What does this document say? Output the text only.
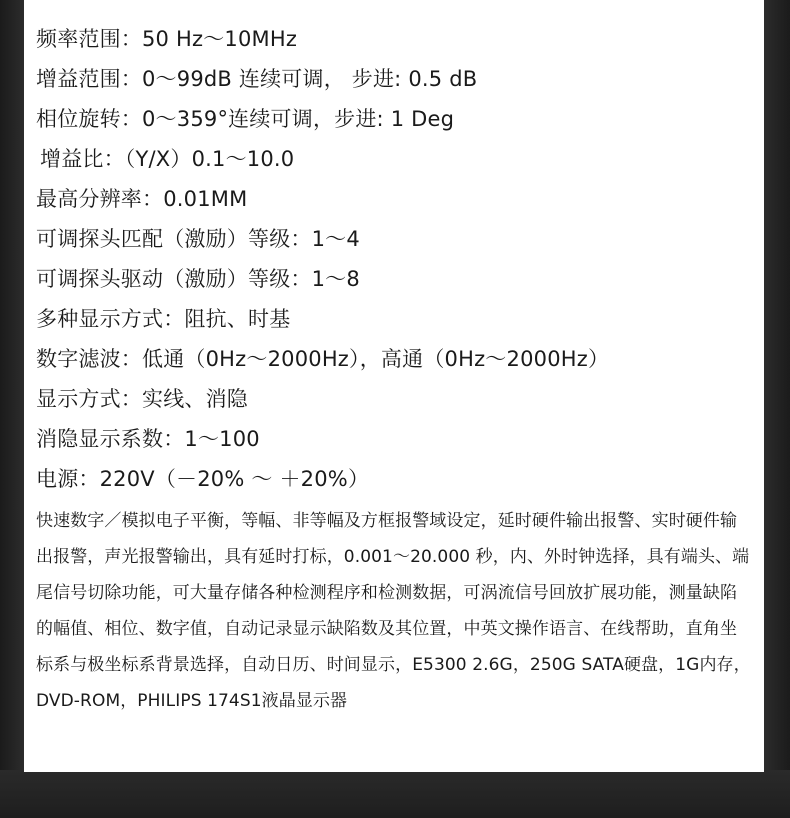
频率范围：50 Hz～10MHz
增益范围：0～99dB 连续可调， 步进: 0.5 dB
相位旋转：0～359°连续可调，步进: 1 Deg
增益比：（Y/X）0.1～10.0
最高分辨率：0.01MM
可调探头匹配（激励）等级：1～4
可调探头驱动（激励）等级：1～8
多种显示方式：阻抗、时基
数字滤波：低通（0Hz～2000Hz），高通（0Hz～2000Hz）
显示方式：实线、消隐
消隐显示系数：1～100
电源：220V（－20% ～ ＋20%）

快速数字／模拟电子平衡，等幅、非等幅及方框报警域设定，延时硬件输出报警、实时硬件输出报警，声光报警输出，具有延时打标，0.001～20.000 秒，内、外时钟选择，具有端头、端尾信号切除功能，可大量存储各种检测程序和检测数据，可涡流信号回放扩展功能，测量缺陷的幅值、相位、数字值，自动记录显示缺陷数及其位置，中英文操作语言、在线帮助，直角坐标系与极坐标系背景选择，自动日历、时间显示，E5300 2.6G，250G SATA硬盘，1G内存，DVD-ROM，PHILIPS 174S1液晶显示器
